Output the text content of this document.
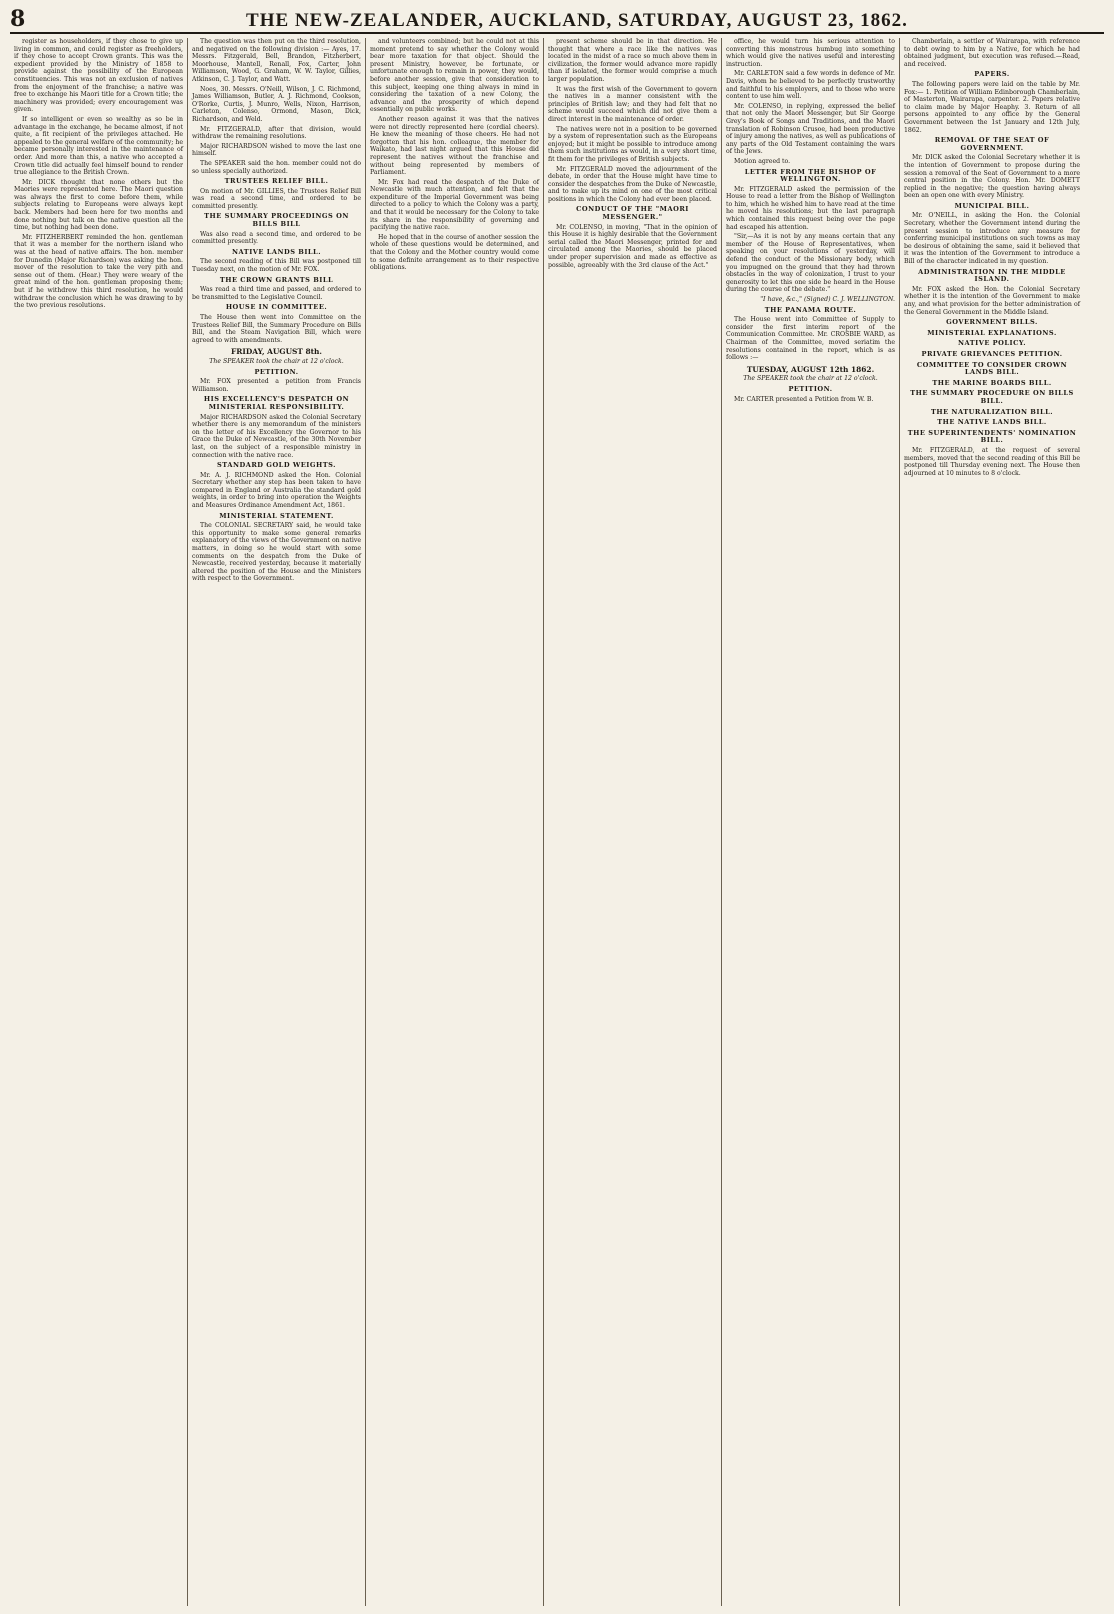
8	THE NEW-ZEALANDER, AUCKLAND, SATURDAY, AUGUST 23, 1862.

register as householders, if they chose to give up living in common, and could register as freeholders, if they chose to accept Crown grants. This was the expedient provided by the Ministry of 1858 to provide against the possibility of the European constituencies. This was not an exclusion of natives from the enjoyment of the franchise; a native was free to exchange his Maori title for a Crown title; the machinery was provided; every encouragement was given.

If so intelligent or even so wealthy as so be in advantage in the exchange, he became almost, if not quite, a fit recipient of the privileges attached. He appealed to the general welfare of the community; he became personally interested in the maintenance of order. And more than this, a native who accepted a Crown title did actually feel himself bound to render true allegiance to the British Crown.

Mr. DICK thought that none others but the Maories were represented here. The Maori question was always the first to come before them, while subjects relating to Europeans were always kept back. Members had been here for two months and done nothing but talk on the native question all the time, but nothing had been done.

Mr. FITZHERBERT reminded the hon. gentleman that it was a member for the northern island who was at the head of native affairs. The hon. member for Dunedin (Major Richardson) was asking the hon. mover of the resolution to take the very pith and sense out of them. (Hear.) They were weary of the great mind of the hon. gentleman proposing them; but if he withdrew this third resolution, he would withdraw the conclusion which he was drawing to by the two previous resolutions.

The question was then put on the third resolution, and negatived on the following division :— Ayes, 17. Messrs. Fitzgerald, Bell, Brandon, Fitzherbert, Moorhouse, Mantell, Renall, Fox, Carter, John Williamson, Wood, G. Graham, W. W. Taylor, Gillies, Atkinson, C. J. Taylor, and Watt.

Noes, 30. Messrs. O'Neill, Wilson, J. C. Richmond, James Williamson, Butler, A. J. Richmond, Cookson, O'Rorke, Curtis, J. Munro, Wells, Nixon, Harrison, Carleton, Colenso, Ormond, Mason, Dick, Richardson, and Weld.

Mr. FITZGERALD, after that division, would withdraw the remaining resolutions.

Major RICHARDSON wished to move the last one himself.

The SPEAKER said the hon. member could not do so unless specially authorized.

TRUSTEES RELIEF BILL.

On motion of Mr. GILLIES, the Trustees Relief Bill was read a second time, and ordered to be committed presently.

THE SUMMARY PROCEEDINGS ON BILLS BILL

Was also read a second time, and ordered to be committed presently.

NATIVE LANDS BILL.

The second reading of this Bill was postponed till Tuesday next, on the motion of Mr. FOX.

THE CROWN GRANTS BILL

Was read a third time and passed, and ordered to be transmitted to the Legislative Council.

HOUSE IN COMMITTEE.

The House then went into Committee on the Trustees Relief Bill, the Summary Procedure on Bills Bill, and the Steam Navigation Bill, which were agreed to with amendments.

FRIDAY, AUGUST 8th.
The SPEAKER took the chair at 12 o'clock.
PETITION.

Mr. FOX presented a petition from Francis Williamson.

HIS EXCELLENCY'S DESPATCH ON MINISTERIAL RESPONSIBILITY.

Major RICHARDSON asked the Colonial Secretary whether there is any memorandum of the ministers on the letter of his Excellency the Governor to his Grace the Duke of Newcastle, of the 30th November last, on the subject of a responsible ministry in connection with the native race.

STANDARD GOLD WEIGHTS.

Mr. A. J. RICHMOND asked the Hon. Colonial Secretary whether any step has been taken to have compared in England or Australia the standard gold weights, in order to bring into operation the Weights and Measures Ordinance Amendment Act, 1861.

MINISTERIAL STATEMENT.

The COLONIAL SECRETARY said, he would take this opportunity to make some general remarks explanatory of the views of the Government on native matters, in doing so he would start with some comments on the despatch from the Duke of Newcastle, received yesterday, because it materially altered the position of the House and the Ministers with respect to the Government.

and volunteers combined; but he could not at this moment pretend to say whether the Colony would bear more taxation for that object. Should the present Ministry, however, be fortunate, or unfortunate enough to remain in power, they would, before another session, give that consideration to this subject, keeping one thing always in mind in considering the taxation of a new Colony, the advance and the prosperity of which depend essentially on public works.

Another reason against it was that the natives were not directly represented here (cordial cheers). He knew the meaning of those cheers. He had not forgotten that his hon. colleague, the member for Waikato, had last night argued that this House did represent the natives without the franchise and without being represented by members of Parliament.

Mr. Fox had read the despatch of the Duke of Newcastle with much attention, and felt that the expenditure of the Imperial Government was being directed to a policy to which the Colony was a party, and that it would be necessary for the Colony to take its share in the responsibility of governing and pacifying the native race.

He hoped that in the course of another session the whole of these questions would be determined, and that the Colony and the Mother country would come to some definite arrangement as to their respective obligations.

present scheme should be in that direction. He thought that where a race like the natives was located in the midst of a race so much above them in civilization, the former would advance more rapidly than if isolated, the former would comprise a much larger population.

It was the first wish of the Government to govern the natives in a manner consistent with the principles of British law; and they had felt that no scheme would succeed which did not give them a direct interest in the maintenance of order.

The natives were not in a position to be governed by a system of representation such as the Europeans enjoyed; but it might be possible to introduce among them such institutions as would, in a very short time, fit them for the privileges of British subjects.

Mr. FITZGERALD moved the adjournment of the debate, in order that the House might have time to consider the despatches from the Duke of Newcastle, and to make up its mind on one of the most critical positions in which the Colony had ever been placed.

CONDUCT OF THE "MAORI MESSENGER."

Mr. COLENSO, in moving, "That in the opinion of this House it is highly desirable that the Government serial called the Maori Messenger, printed for and circulated among the Maories, should be placed under proper supervision and made as effective as possible, agreeably with the 3rd clause of the Act."

office, he would turn his serious attention to converting this monstrous humbug into something which would give the natives useful and interesting instruction.

Mr. CARLETON said a few words in defence of Mr. Davis, whom he believed to be perfectly trustworthy and faithful to his employers, and to those who were content to use him well.

Mr. COLENSO, in replying, expressed the belief that not only the Maori Messenger, but Sir George Grey's Book of Songs and Traditions, and the Maori translation of Robinson Crusoe, had been productive of injury among the natives, as well as publications of any parts of the Old Testament containing the wars of the Jews.

Motion agreed to.

LETTER FROM THE BISHOP OF WELLINGTON.

Mr. FITZGERALD asked the permission of the House to read a letter from the Bishop of Wellington to him, which he wished him to have read at the time he moved his resolutions; but the last paragraph which contained this request being over the page had escaped his attention.

"Sir,—As it is not by any means certain that any member of the House of Representatives, when speaking on your resolutions of yesterday, will defend the conduct of the Missionary body, which you impugned on the ground that they had thrown obstacles in the way of colonization, I trust to your generosity to let this one side be heard in the House during the course of the debate."

"I have, &c.," (Signed) C. J. WELLINGTON.
THE PANAMA ROUTE.

The House went into Committee of Supply to consider the first interim report of the Communication Committee. Mr. CROSBIE WARD, as Chairman of the Committee, moved seriatim the resolutions contained in the report, which is as follows :—

TUESDAY, AUGUST 12th 1862.
The SPEAKER took the chair at 12 o'clock.
PETITION.

Mr. CARTER presented a Petition from W. B.

Chamberlain, a settler of Wairarapa, with reference to debt owing to him by a Native, for which he had obtained judgment, but execution was refused.—Read, and received.

PAPERS.

The following papers were laid on the table by Mr. Fox:— 1. Petition of William Edinborough Chamberlain, of Masterton, Wairarapa, carpenter. 2. Papers relative to claim made by Major Heaphy. 3. Return of all persons appointed to any office by the General Government between the 1st January and 12th July, 1862.

REMOVAL OF THE SEAT OF GOVERNMENT.

Mr. DICK asked the Colonial Secretary whether it is the intention of Government to propose during the session a removal of the Seat of Government to a more central position in the Colony. Hon. Mr. DOMETT replied in the negative; the question having always been an open one with every Ministry.

MUNICIPAL BILL.

Mr. O'NEILL, in asking the Hon. the Colonial Secretary, whether the Government intend during the present session to introduce any measure for conferring municipal institutions on such towns as may be desirous of obtaining the same, said it believed that it was the intention of the Government to introduce a Bill of the character indicated in my question.

ADMINISTRATION IN THE MIDDLE ISLAND.

Mr. FOX asked the Hon. the Colonial Secretary whether it is the intention of the Government to make any, and what provision for the better administration of the General Government in the Middle Island.

GOVERNMENT BILLS.
MINISTERIAL EXPLANATIONS.
NATIVE POLICY.
PRIVATE GRIEVANCES PETITION.
COMMITTEE TO CONSIDER CROWN LANDS BILL.
THE MARINE BOARDS BILL.
THE SUMMARY PROCEDURE ON BILLS BILL.
THE NATURALIZATION BILL.
THE NATIVE LANDS BILL.
THE SUPERINTENDENTS' NOMINATION BILL.

Mr. FITZGERALD, at the request of several members, moved that the second reading of this Bill be postponed till Thursday evening next. The House then adjourned at 10 minutes to 8 o'clock.
